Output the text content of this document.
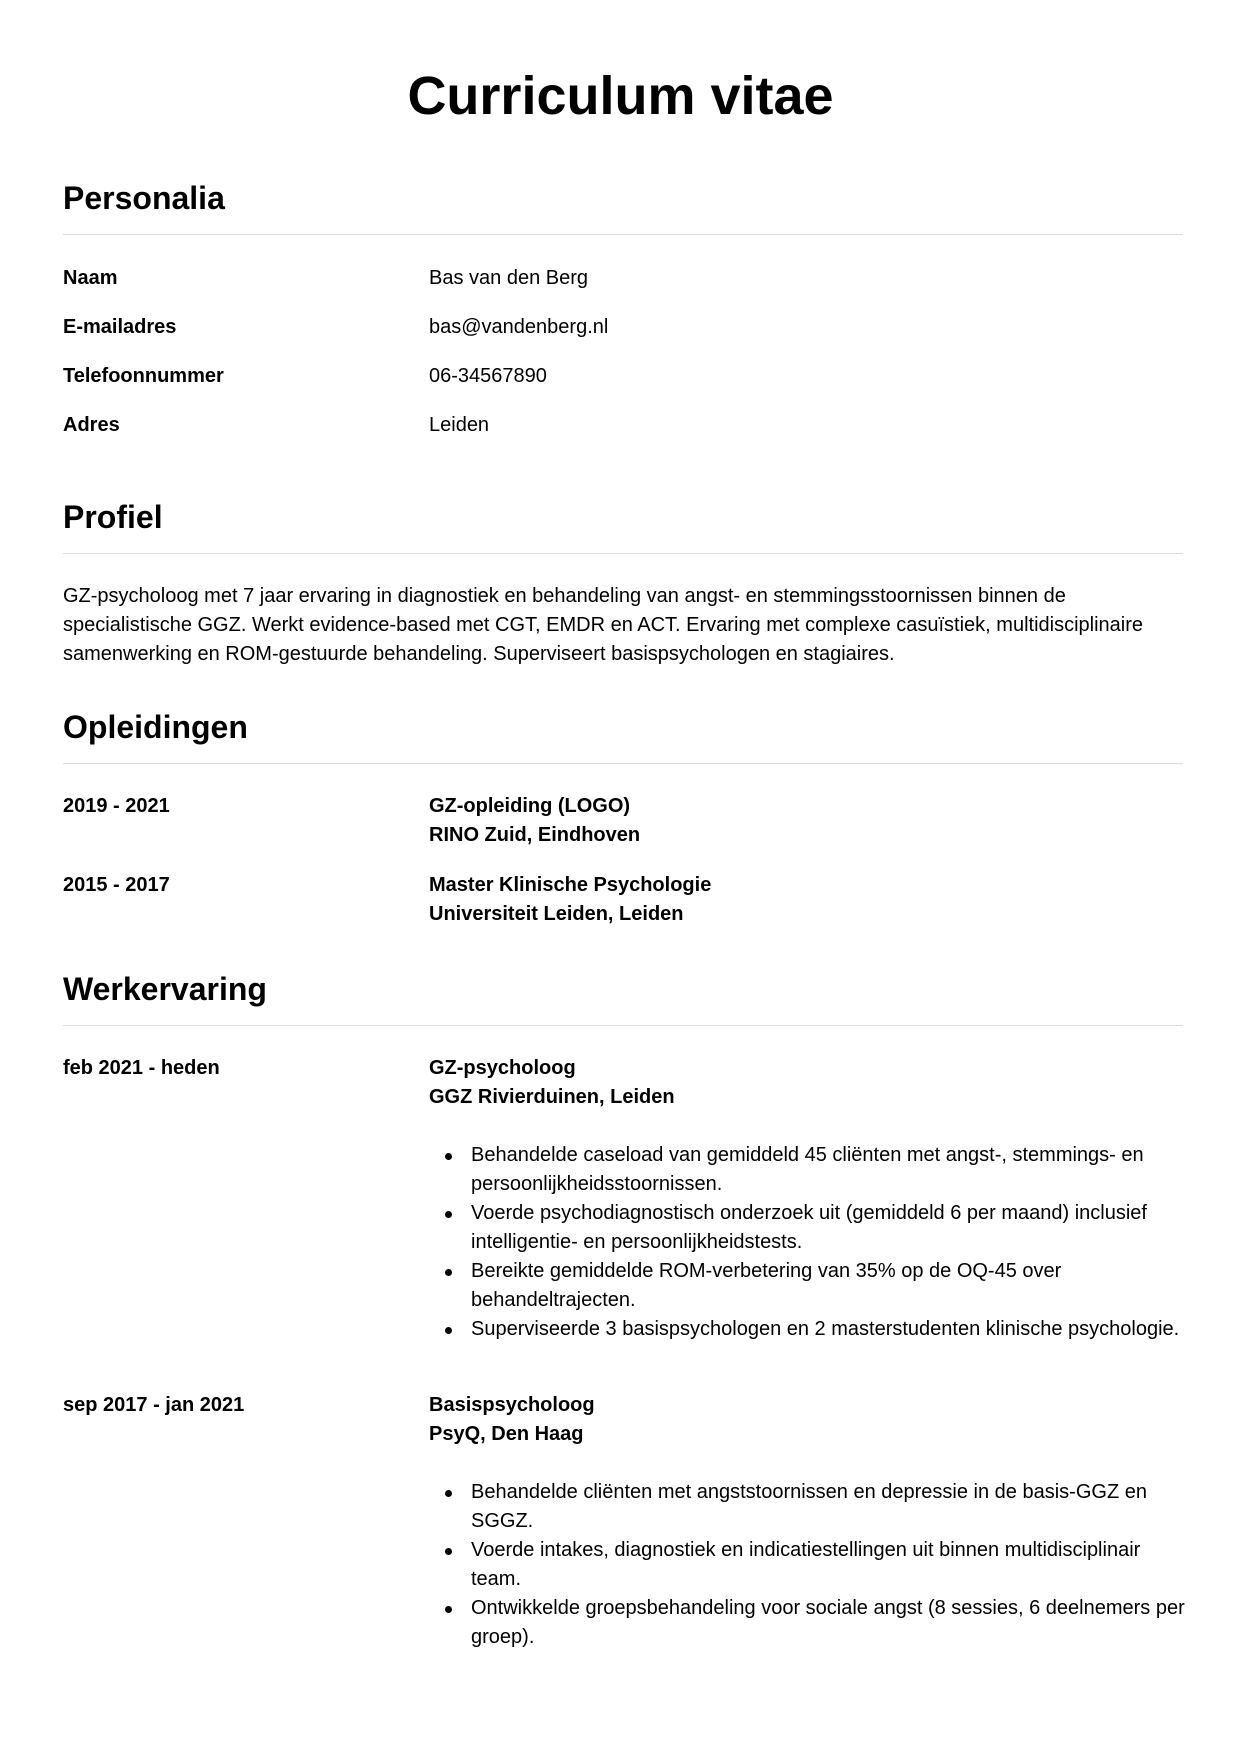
Curriculum vitae
Personalia
Naam	Bas van den Berg
E-mailadres	bas@vandenberg.nl
Telefoonnummer	06-34567890
Adres	Leiden
Profiel

GZ-psycholoog met 7 jaar ervaring in diagnostiek en behandeling van angst- en stemmingsstoornissen binnen de specialistische GGZ. Werkt evidence-based met CGT, EMDR en ACT. Ervaring met complexe casuïstiek, multidisciplinaire samenwerking en ROM-gestuurde behandeling. Superviseert basispsychologen en stagiaires.

Opleidingen
2019 - 2021	GZ-opleiding (LOGO)
RINO Zuid, Eindhoven
2015 - 2017	Master Klinische Psychologie
Universiteit Leiden, Leiden
Werkervaring
feb 2021 - heden	GZ-psycholoog
GGZ Rivierduinen, Leiden
Behandelde caseload van gemiddeld 45 cliënten met angst-, stemmings- en persoonlijkheidsstoornissen.
Voerde psychodiagnostisch onderzoek uit (gemiddeld 6 per maand) inclusief intelligentie- en persoonlijkheidstests.
Bereikte gemiddelde ROM-verbetering van 35% op de OQ-45 over behandeltrajecten.
Superviseerde 3 basispsychologen en 2 masterstudenten klinische psychologie.
sep 2017 - jan 2021	Basispsycholoog
PsyQ, Den Haag
Behandelde cliënten met angststoornissen en depressie in de basis-GGZ en SGGZ.
Voerde intakes, diagnostiek en indicatiestellingen uit binnen multidisciplinair team.
Ontwikkelde groepsbehandeling voor sociale angst (8 sessies, 6 deelnemers per groep).
